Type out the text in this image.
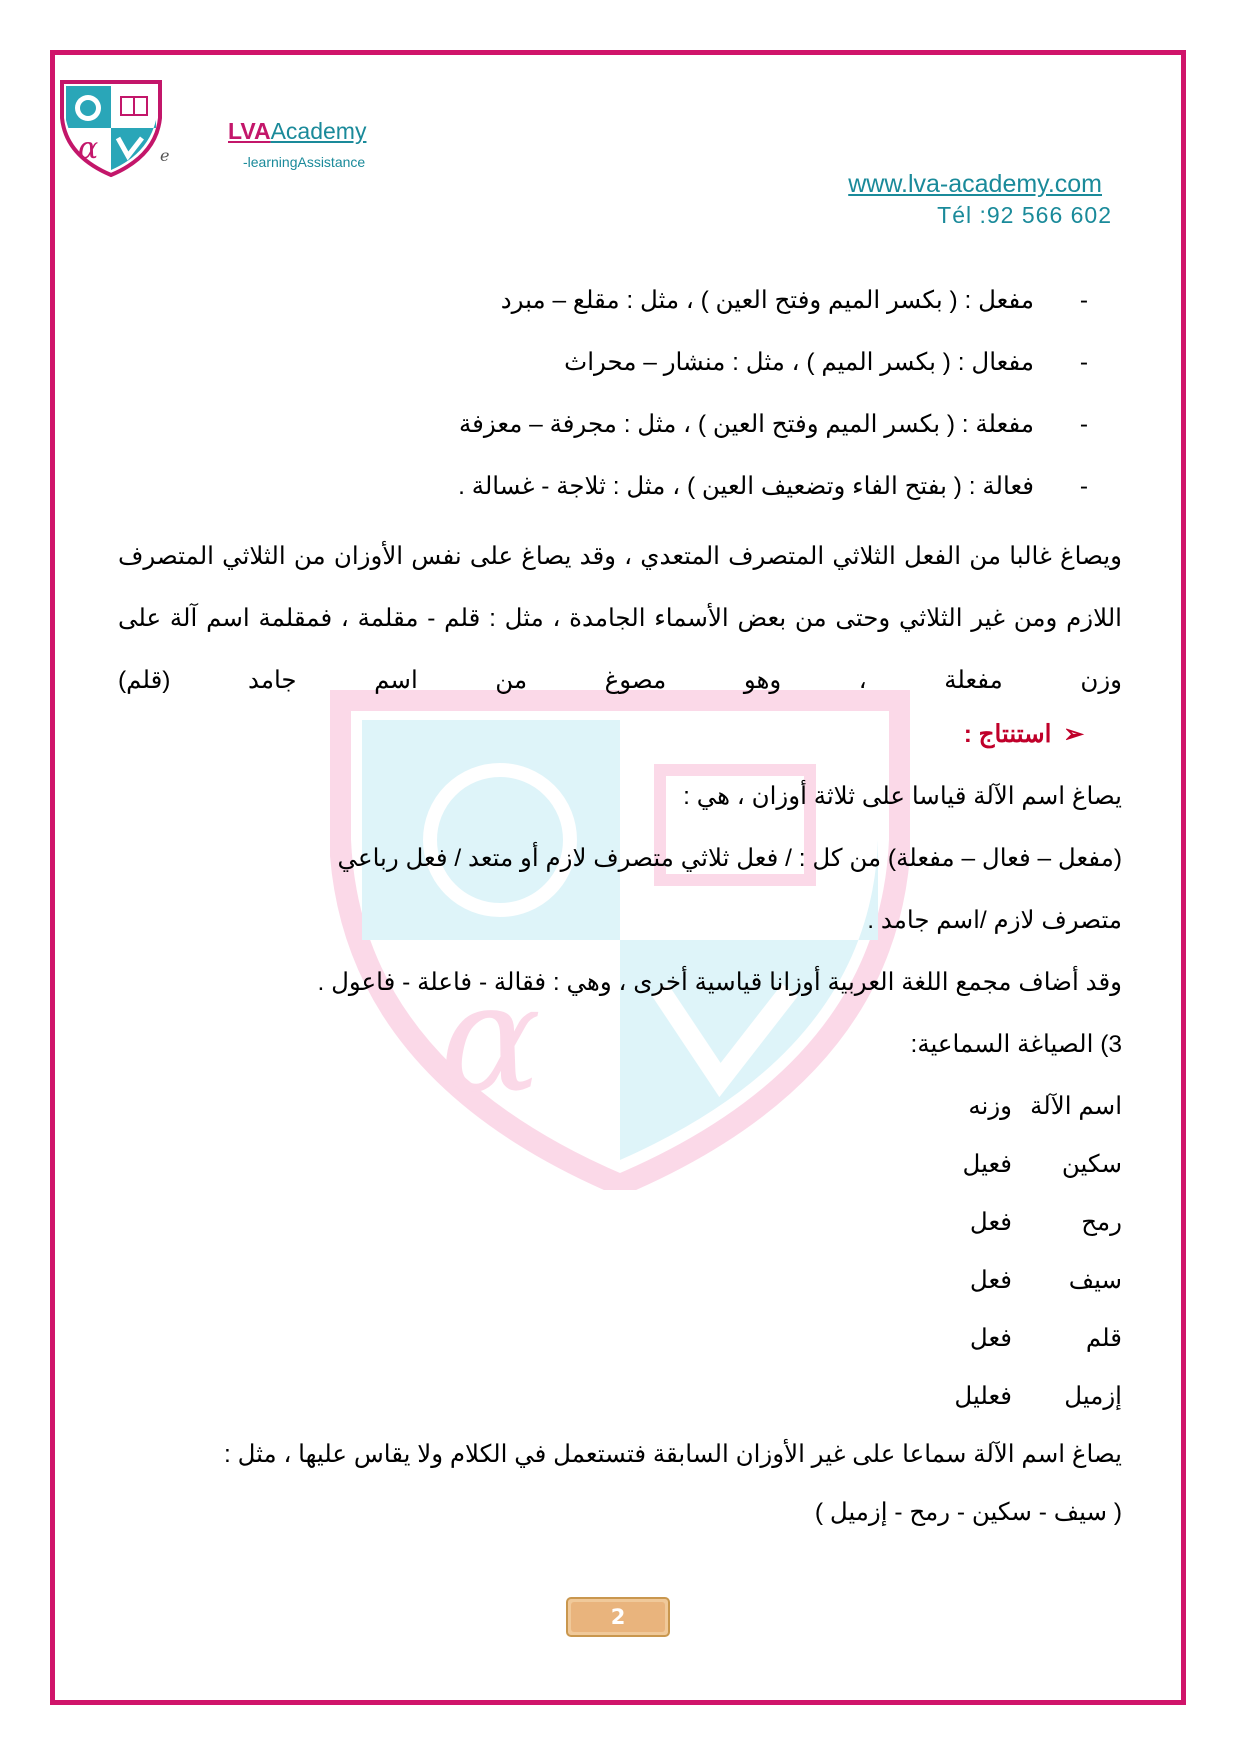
α	e
LVAAcademy
-learningAssistance
www.lva-academy.com
Tél :92 566 602
α
-مفعل : ( بكسر الميم وفتح العين ) ، مثل : مقلع – مبرد
-مفعال : ( بكسر الميم ) ، مثل : منشار – محراث
-مفعلة : ( بكسر الميم وفتح العين ) ، مثل : مجرفة – معزفة
-فعالة : ( بفتح الفاء وتضعيف العين ) ، مثل : ثلاجة - غسالة .
ويصاغ غالبا من الفعل الثلاثي المتصرف المتعدي ، وقد يصاغ على نفس الأوزان من الثلاثي المتصرف اللازم ومن غير الثلاثي وحتى من بعض الأسماء الجامدة ، مثل : قلم - مقلمة ، فمقلمة اسم آلة على وزن مفعلة ، وهو مصوغ من اسم جامد (قلم)
➢استنتاج :
يصاغ اسم الآلة قياسا على ثلاثة أوزان ، هي :
(مفعل – فعال – مفعلة) من كل : / فعل ثلاثي متصرف لازم أو متعد / فعل رباعي
متصرف لازم /اسم جامد .
وقد أضاف مجمع اللغة العربية أوزانا قياسية أخرى ، وهي : فقالة - فاعلة - فاعول .
3) الصياغة السماعية:
اسم الآلة
وزنه
سكين
فعيل
رمح
فعل
سيف
فعل
قلم
فعل
إزميل
فعليل
يصاغ اسم الآلة سماعا على غير الأوزان السابقة فتستعمل في الكلام ولا يقاس عليها ، مثل :
( سيف - سكين - رمح - إزميل )
2
